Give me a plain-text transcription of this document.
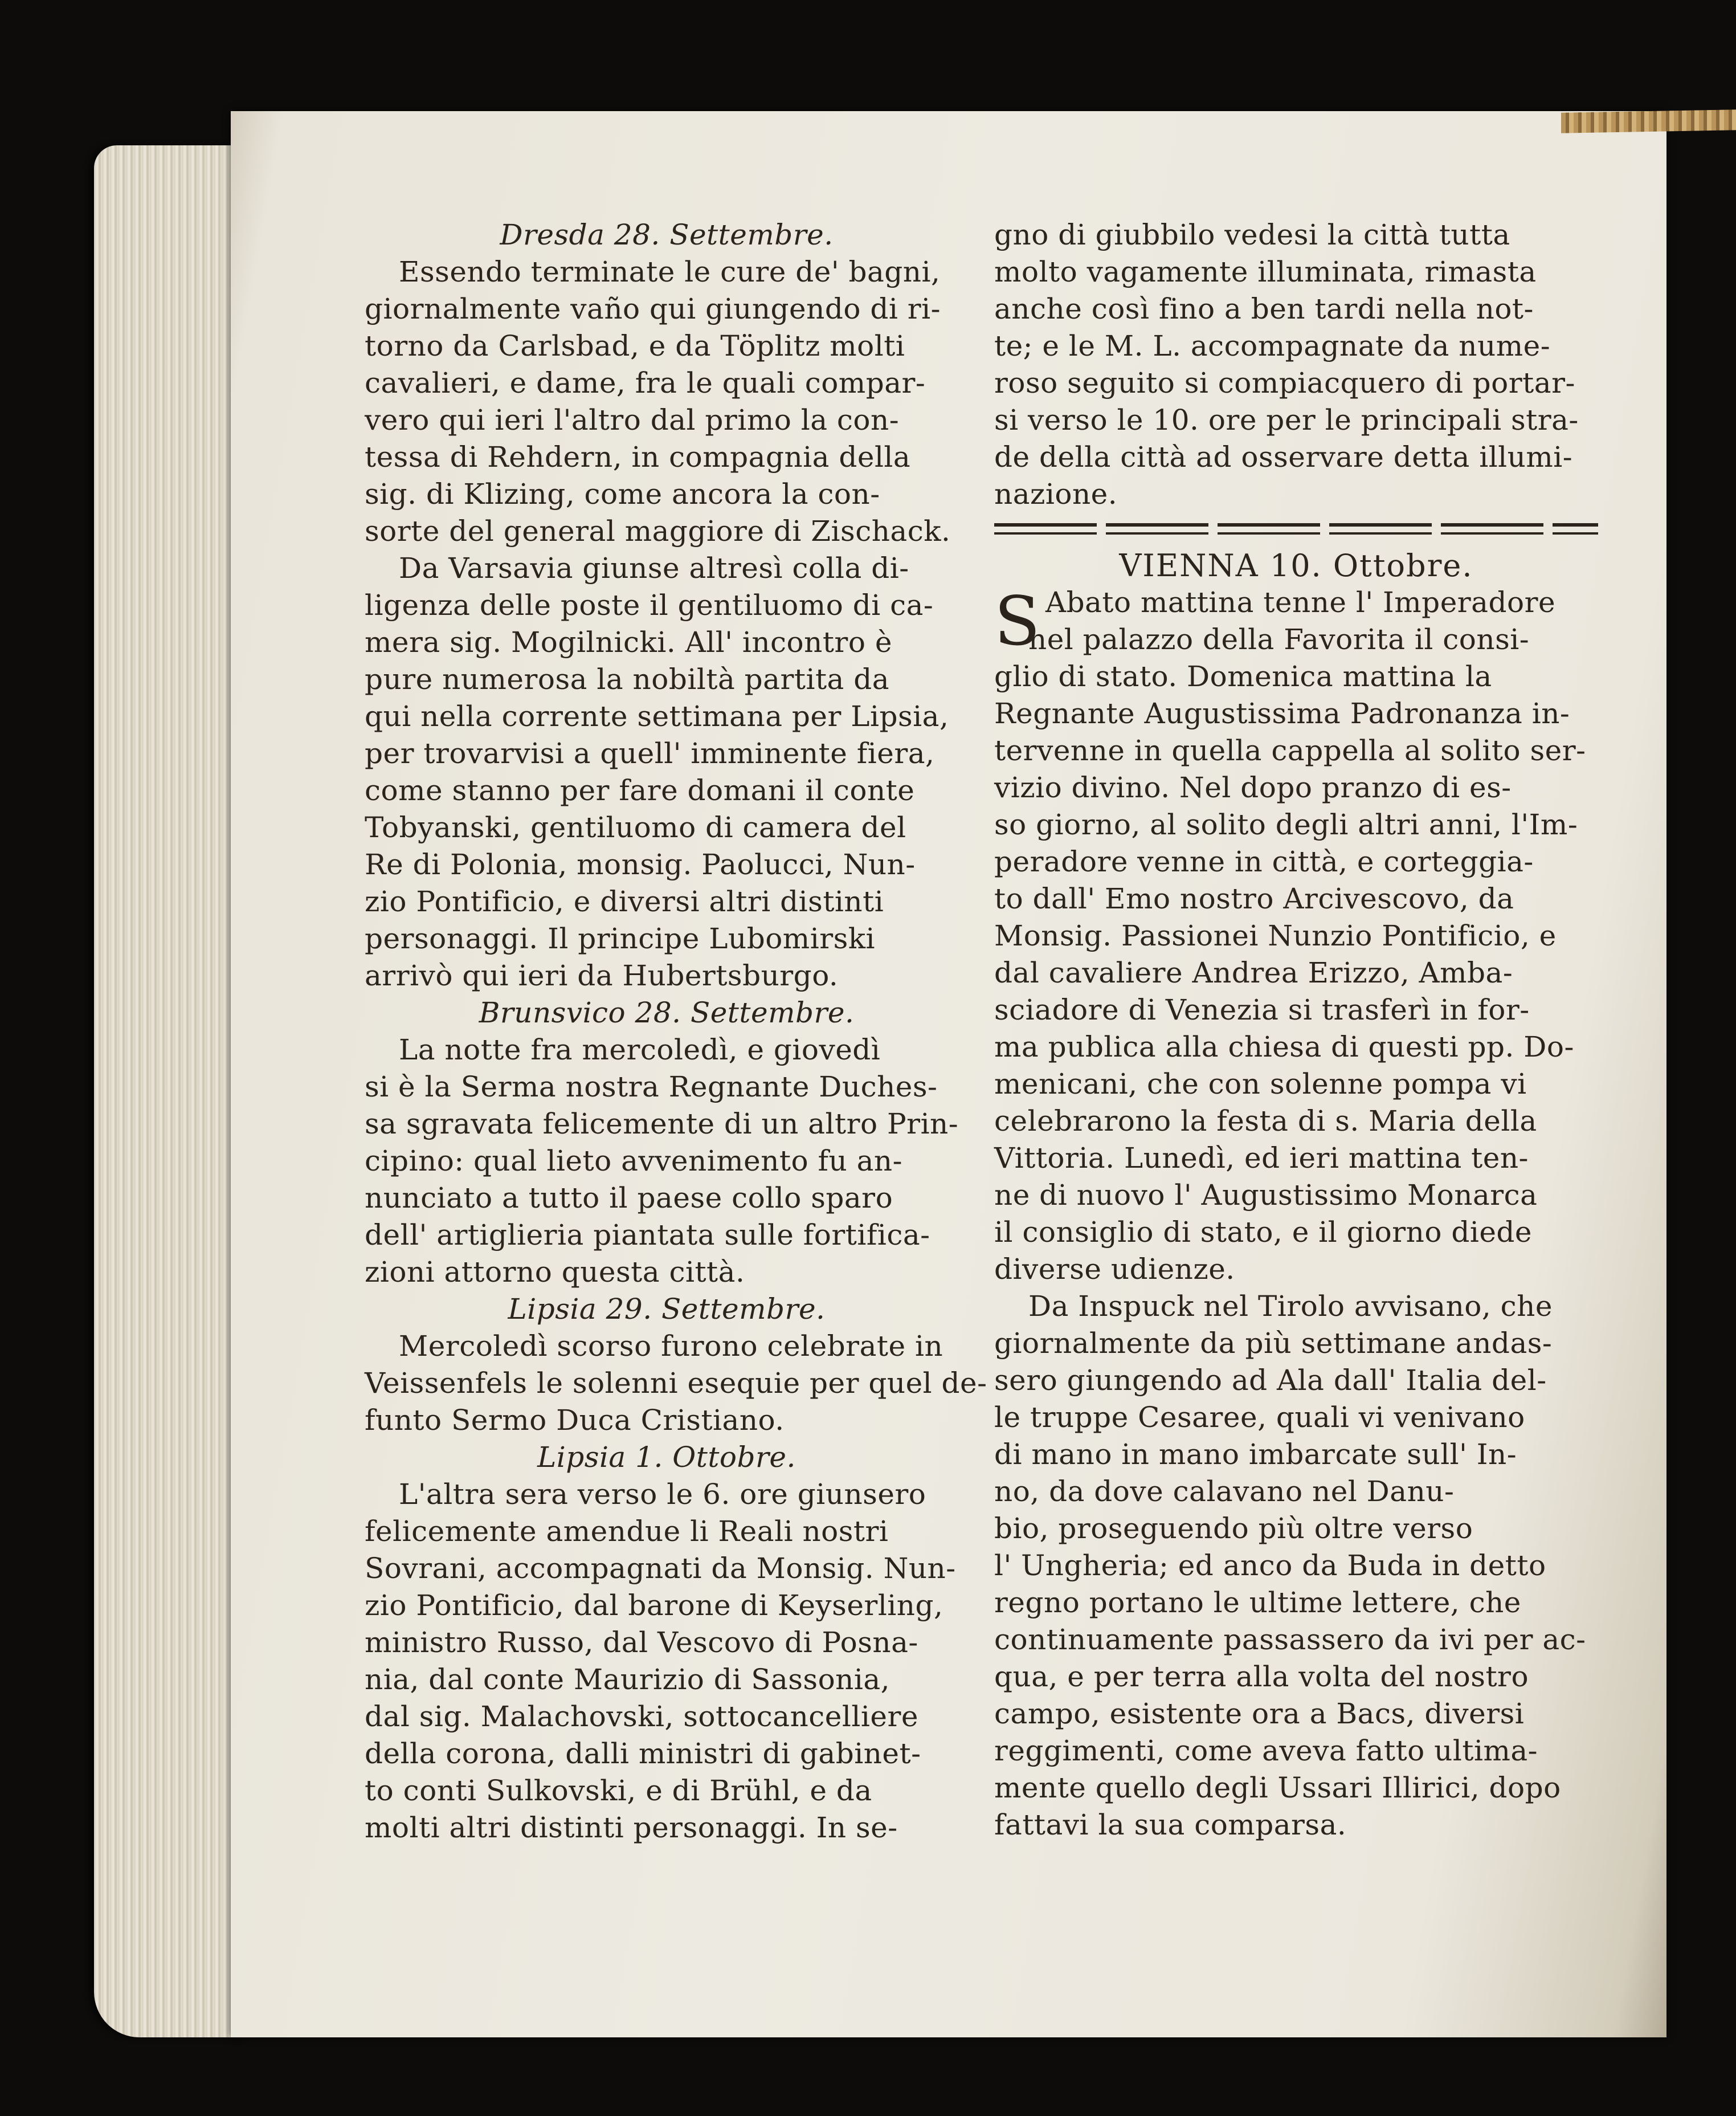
Dresda 28. Settembre.
Essendo terminate le cure de' bagni,
giornalmente vaño qui giungendo di ri-
torno da Carlsbad, e da Töplitz molti
cavalieri, e dame, fra le quali compar-
vero qui ieri l'altro dal primo la con-
tessa di Rehdern, in compagnia della
sig. di Klizing, come ancora la con-
sorte del general maggiore di Zischack.
Da Varsavia giunse altresì colla di-
ligenza delle poste il gentiluomo di ca-
mera sig. Mogilnicki. All' incontro è
pure numerosa la nobiltà partita da
qui nella corrente settimana per Lipsia,
per trovarvisi a quell' imminente fiera,
come stanno per fare domani il conte
Tobyanski, gentiluomo di camera del
Re di Polonia, monsig. Paolucci, Nun-
zio Pontificio, e diversi altri distinti
personaggi. Il principe Lubomirski
arrivò qui ieri da Hubertsburgo.
Brunsvico 28. Settembre.
La notte fra mercoledì, e giovedì
si è la Serma nostra Regnante Duches-
sa sgravata felicemente di un altro Prin-
cipino: qual lieto avvenimento fu an-
nunciato a tutto il paese collo sparo
dell' artiglieria piantata sulle fortifica-
zioni attorno questa città.
Lipsia 29. Settembre.
Mercoledì scorso furono celebrate in
Veissenfels le solenni esequie per quel de-
funto Sermo Duca Cristiano.
Lipsia 1. Ottobre.
L'altra sera verso le 6. ore giunsero
felicemente amendue li Reali nostri
Sovrani, accompagnati da Monsig. Nun-
zio Pontificio, dal barone di Keyserling,
ministro Russo, dal Vescovo di Posna-
nia, dal conte Maurizio di Sassonia,
dal sig. Malachovski, sottocancelliere
della corona, dalli ministri di gabinet-
to conti Sulkovski, e di Brühl, e da
molti altri distinti personaggi. In se-
gno di giubbilo vedesi la città tutta
molto vagamente illuminata, rimasta
anche così fino a ben tardi nella not-
te; e le M. L. accompagnate da nume-
roso seguito si compiacquero di portar-
si verso le 10. ore per le principali stra-
de della città ad osservare detta illumi-
nazione.
VIENNA 10. Ottobre.
S Abato mattina tenne l' Imperadore
nel palazzo della Favorita il consi-
glio di stato. Domenica mattina la
Regnante Augustissima Padronanza in-
tervenne in quella cappella al solito ser-
vizio divino. Nel dopo pranzo di es-
so giorno, al solito degli altri anni, l'Im-
peradore venne in città, e corteggia-
to dall' Emo nostro Arcivescovo, da
Monsig. Passionei Nunzio Pontificio, e
dal cavaliere Andrea Erizzo, Amba-
sciadore di Venezia si trasferì in for-
ma publica alla chiesa di questi pp. Do-
menicani, che con solenne pompa vi
celebrarono la festa di s. Maria della
Vittoria. Lunedì, ed ieri mattina ten-
ne di nuovo l' Augustissimo Monarca
il consiglio di stato, e il giorno diede
diverse udienze.
Da Inspuck nel Tirolo avvisano, che
giornalmente da più settimane andas-
sero giungendo ad Ala dall' Italia del-
le truppe Cesaree, quali vi venivano
di mano in mano imbarcate sull' In-
no, da dove calavano nel Danu-
bio, proseguendo più oltre verso
l' Ungheria; ed anco da Buda in detto
regno portano le ultime lettere, che
continuamente passassero da ivi per ac-
qua, e per terra alla volta del nostro
campo, esistente ora a Bacs, diversi
reggimenti, come aveva fatto ultima-
mente quello degli Ussari Illirici, dopo
fattavi la sua comparsa.
